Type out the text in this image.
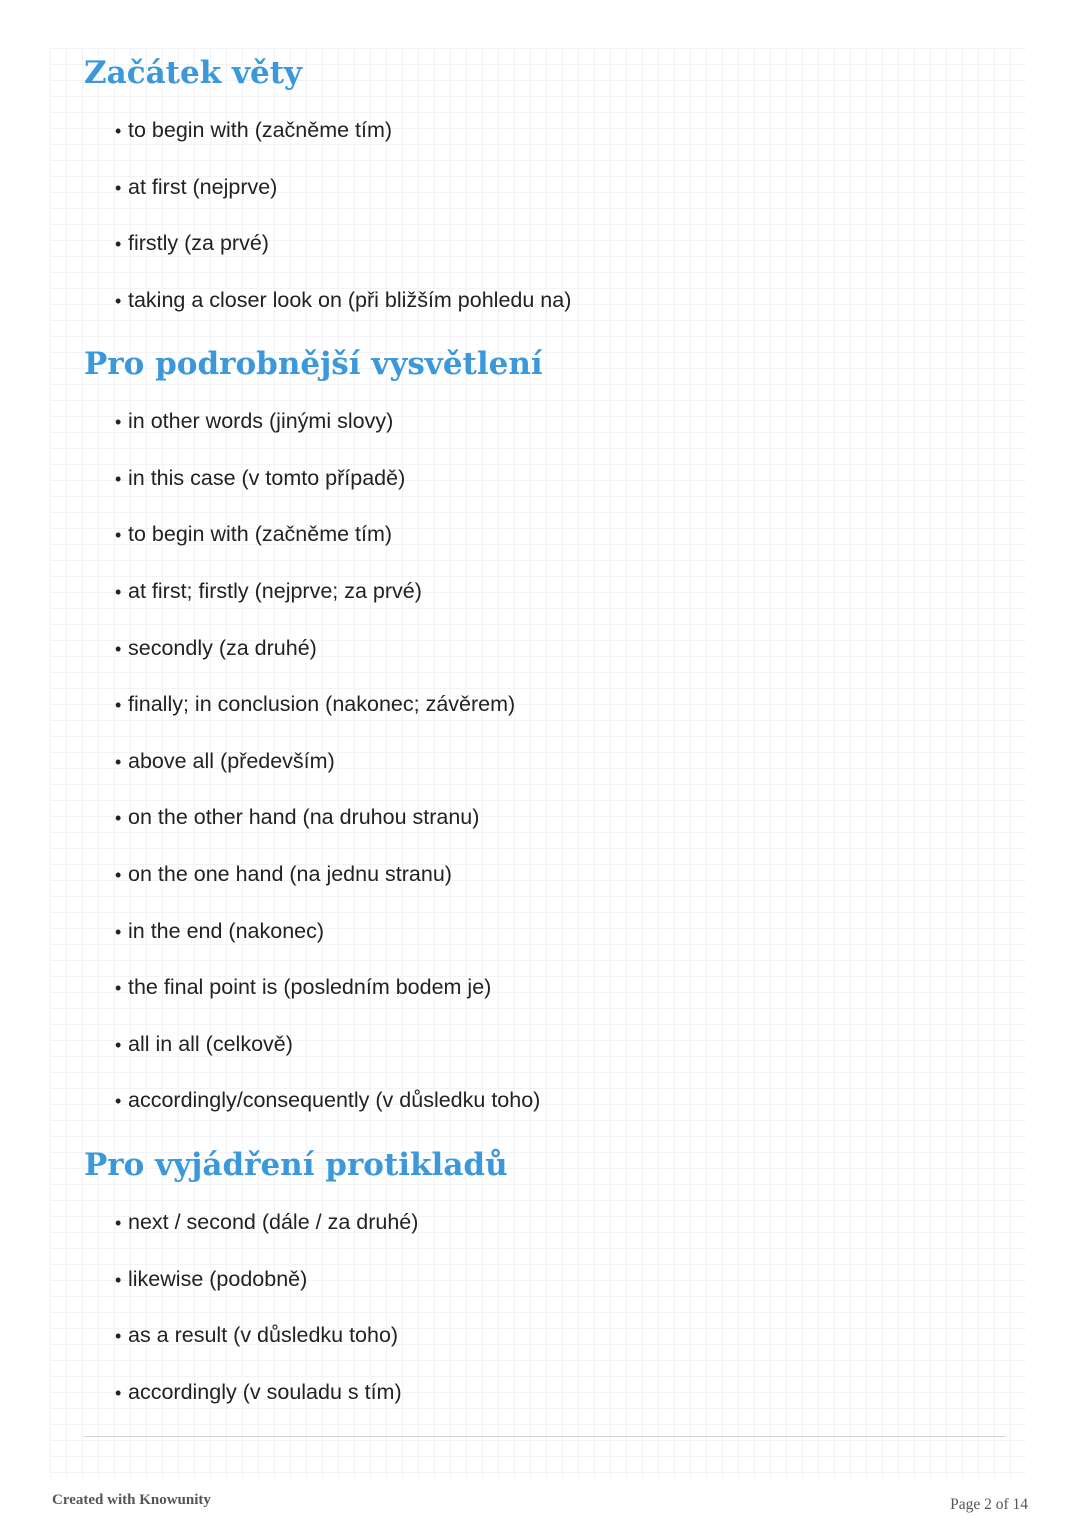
Začátek věty
• to begin with (začněme tím)
• at first (nejprve)
• firstly (za prvé)
• taking a closer look on (při bližším pohledu na)
Pro podrobnější vysvětlení
• in other words (jinými slovy)
• in this case (v tomto případě)
• to begin with (začněme tím)
• at first; firstly (nejprve; za prvé)
• secondly (za druhé)
• finally; in conclusion (nakonec; závěrem)
• above all (především)
• on the other hand (na druhou stranu)
• on the one hand (na jednu stranu)
• in the end (nakonec)
• the final point is (posledním bodem je)
• all in all (celkově)
• accordingly/consequently (v důsledku toho)
Pro vyjádření protikladů
• next / second (dále / za druhé)
• likewise (podobně)
• as a result (v důsledku toho)
• accordingly (v souladu s tím)
Created with Knowunity	Page 2 of 14
